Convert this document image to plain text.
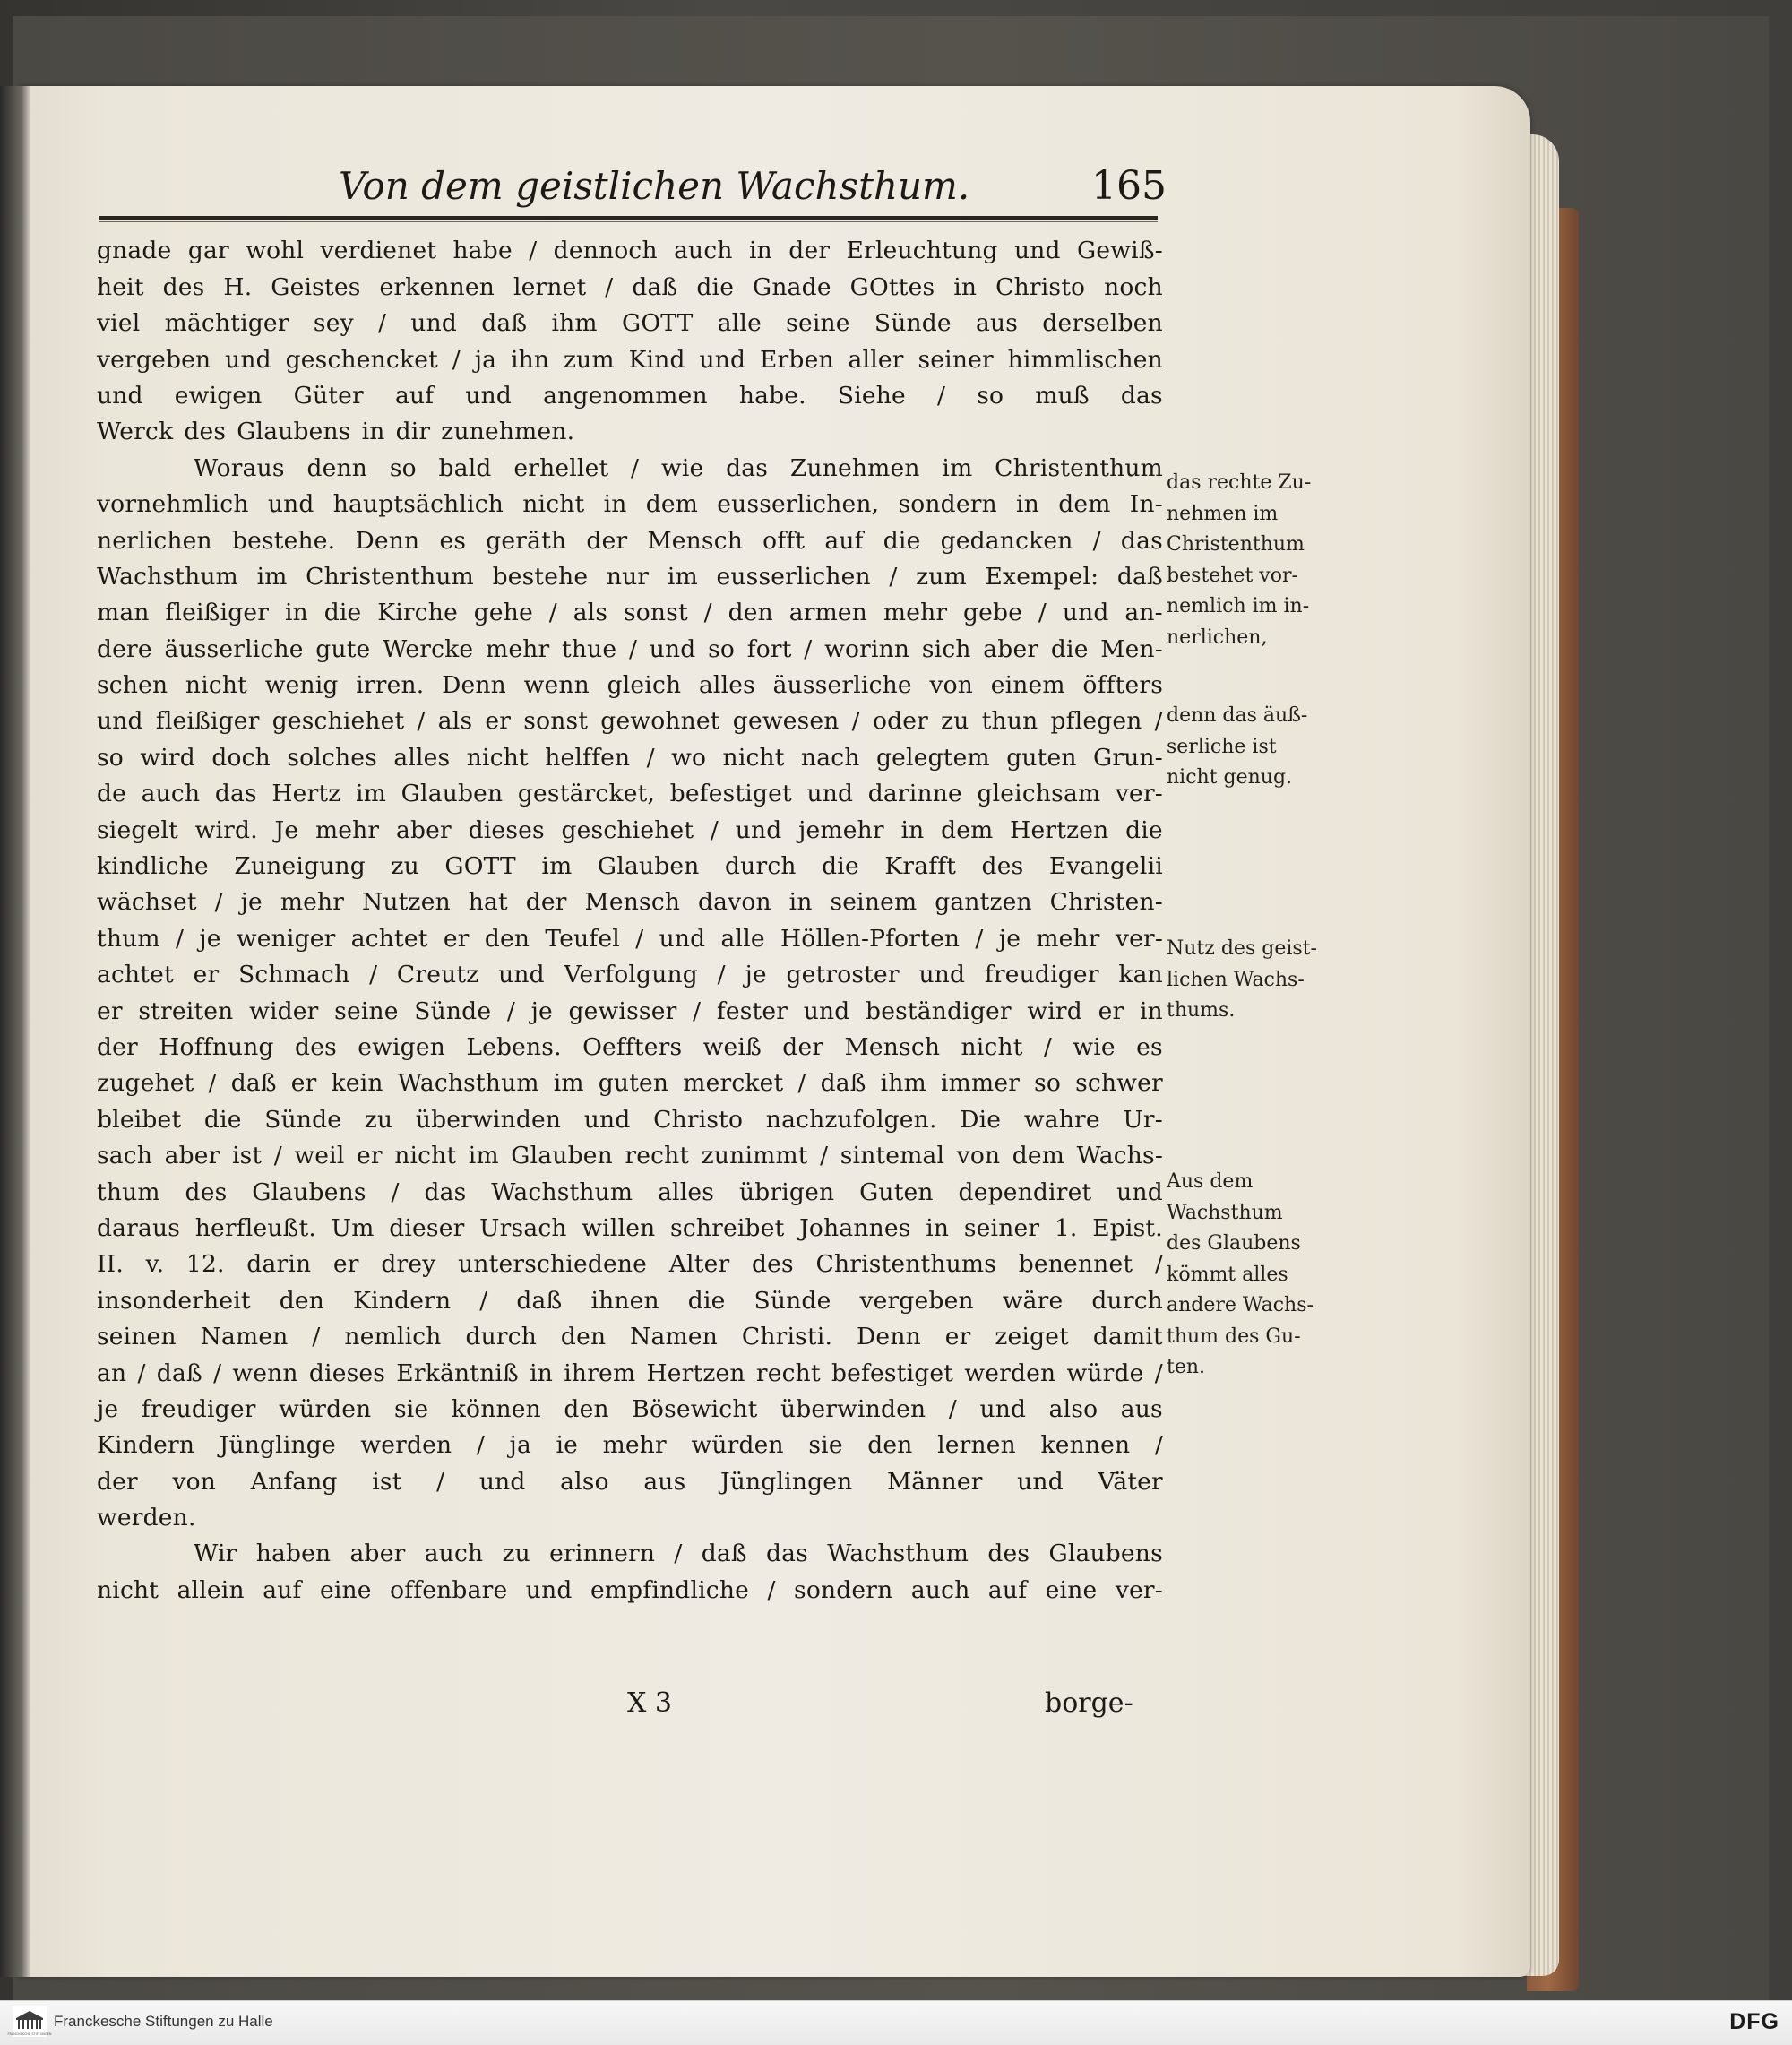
Von dem geistlichen Wachsthum.	165
gnade gar wohl verdienet habe / dennoch auch in der Erleuchtung und Gewiß-
heit des H. Geistes erkennen lernet / daß die Gnade GOttes in Christo noch
viel mächtiger sey / und daß ihm GOTT alle seine Sünde aus derselben
vergeben und geschencket / ja ihn zum Kind und Erben aller seiner himmlischen
und ewigen Güter auf und angenommen habe. Siehe / so muß das
Werck des Glaubens in dir zunehmen.
Woraus denn so bald erhellet / wie das Zunehmen im Christenthum
vornehmlich und hauptsächlich nicht in dem eusserlichen, sondern in dem In-
nerlichen bestehe. Denn es geräth der Mensch offt auf die gedancken / das
Wachsthum im Christenthum bestehe nur im eusserlichen / zum Exempel: daß
man fleißiger in die Kirche gehe / als sonst / den armen mehr gebe / und an-
dere äusserliche gute Wercke mehr thue / und so fort / worinn sich aber die Men-
schen nicht wenig irren. Denn wenn gleich alles äusserliche von einem öffters
und fleißiger geschiehet / als er sonst gewohnet gewesen / oder zu thun pflegen /
so wird doch solches alles nicht helffen / wo nicht nach gelegtem guten Grun-
de auch das Hertz im Glauben gestärcket, befestiget und darinne gleichsam ver-
siegelt wird. Je mehr aber dieses geschiehet / und jemehr in dem Hertzen die
kindliche Zuneigung zu GOTT im Glauben durch die Krafft des Evangelii
wächset / je mehr Nutzen hat der Mensch davon in seinem gantzen Christen-
thum / je weniger achtet er den Teufel / und alle Höllen-Pforten / je mehr ver-
achtet er Schmach / Creutz und Verfolgung / je getroster und freudiger kan
er streiten wider seine Sünde / je gewisser / fester und beständiger wird er in
der Hoffnung des ewigen Lebens. Oeffters weiß der Mensch nicht / wie es
zugehet / daß er kein Wachsthum im guten mercket / daß ihm immer so schwer
bleibet die Sünde zu überwinden und Christo nachzufolgen. Die wahre Ur-
sach aber ist / weil er nicht im Glauben recht zunimmt / sintemal von dem Wachs-
thum des Glaubens / das Wachsthum alles übrigen Guten dependiret und
daraus herfleußt. Um dieser Ursach willen schreibet Johannes in seiner 1. Epist.
II. v. 12. darin er drey unterschiedene Alter des Christenthums benennet /
insonderheit den Kindern / daß ihnen die Sünde vergeben wäre durch
seinen Namen / nemlich durch den Namen Christi. Denn er zeiget damit
an / daß / wenn dieses Erkäntniß in ihrem Hertzen recht befestiget werden würde /
je freudiger würden sie können den Bösewicht überwinden / und also aus
Kindern Jünglinge werden / ja ie mehr würden sie den lernen kennen /
der von Anfang ist / und also aus Jünglingen Männer und Väter
werden.
Wir haben aber auch zu erinnern / daß das Wachsthum des Glaubens
nicht allein auf eine offenbare und empfindliche / sondern auch auf eine ver-
das rechte Zu-
nehmen im
Christenthum
bestehet vor-
nemlich im in-
nerlichen,
denn das äuß-
serliche ist
nicht genug.
Nutz des geist-
lichen Wachs-
thums.
Aus dem
Wachsthum
des Glaubens
kömmt alles
andere Wachs-
thum des Gu-
ten.
X 3	borge-
FRANCKESCHE STIFTUNGEN
Franckesche Stiftungen zu Halle	DFG
